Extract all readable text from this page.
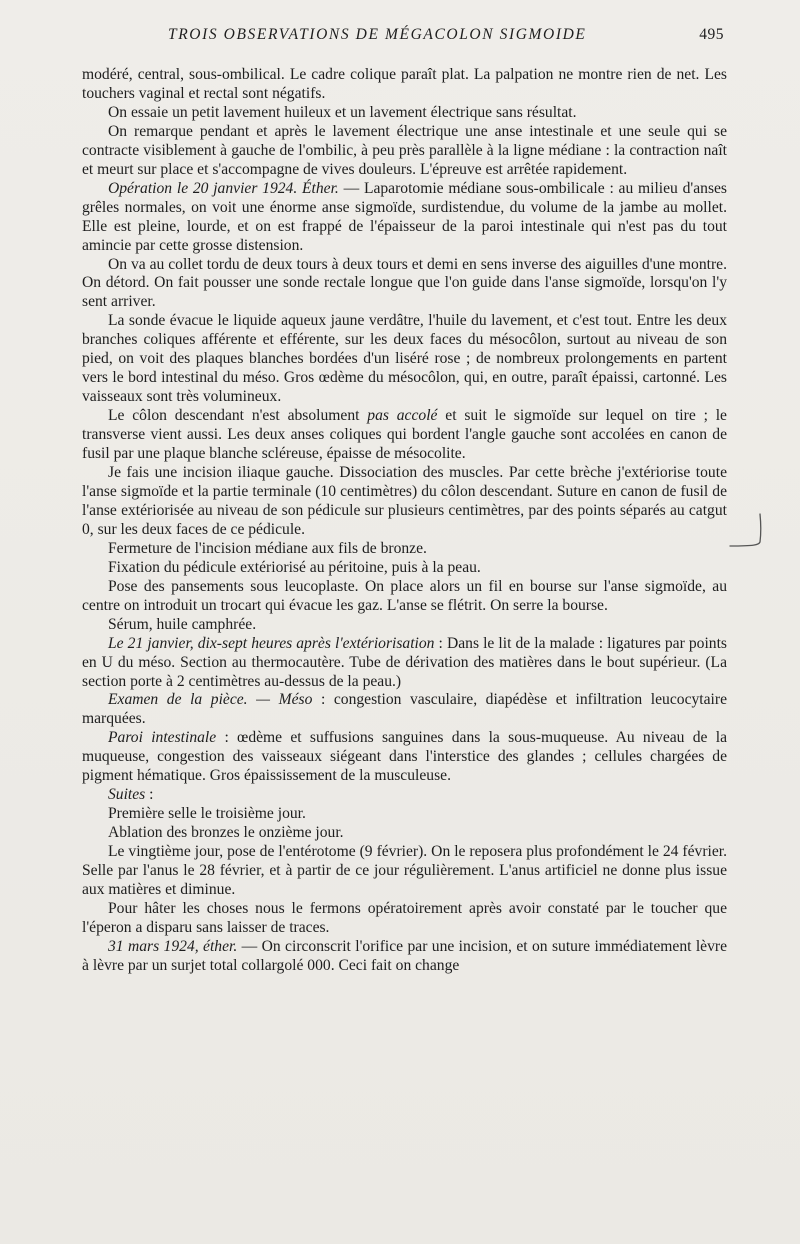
TROIS OBSERVATIONS DE MÉGACOLON SIGMOIDE	495

modéré, central, sous-ombilical. Le cadre colique paraît plat. La palpation ne montre rien de net. Les touchers vaginal et rectal sont négatifs.

On essaie un petit lavement huileux et un lavement électrique sans résultat.

On remarque pendant et après le lavement électrique une anse intestinale et une seule qui se contracte visiblement à gauche de l'ombilic, à peu près parallèle à la ligne médiane : la contraction naît et meurt sur place et s'accompagne de vives douleurs. L'épreuve est arrêtée rapidement.

Opération le 20 janvier 1924. Éther. — Laparotomie médiane sous-ombilicale : au milieu d'anses grêles normales, on voit une énorme anse sigmoïde, surdistendue, du volume de la jambe au mollet. Elle est pleine, lourde, et on est frappé de l'épaisseur de la paroi intestinale qui n'est pas du tout amincie par cette grosse distension.

On va au collet tordu de deux tours à deux tours et demi en sens inverse des aiguilles d'une montre. On détord. On fait pousser une sonde rectale longue que l'on guide dans l'anse sigmoïde, lorsqu'on l'y sent arriver.

La sonde évacue le liquide aqueux jaune verdâtre, l'huile du lavement, et c'est tout. Entre les deux branches coliques afférente et efférente, sur les deux faces du mésocôlon, surtout au niveau de son pied, on voit des plaques blanches bordées d'un liséré rose ; de nombreux prolongements en partent vers le bord intestinal du méso. Gros œdème du mésocôlon, qui, en outre, paraît épaissi, cartonné. Les vaisseaux sont très volumineux.

Le côlon descendant n'est absolument pas accolé et suit le sigmoïde sur lequel on tire ; le transverse vient aussi. Les deux anses coliques qui bordent l'angle gauche sont accolées en canon de fusil par une plaque blanche scléreuse, épaisse de mésocolite.

Je fais une incision iliaque gauche. Dissociation des muscles. Par cette brèche j'extériorise toute l'anse sigmoïde et la partie terminale (10 centimètres) du côlon descendant. Suture en canon de fusil de l'anse extériorisée au niveau de son pédicule sur plusieurs centimètres, par des points séparés au catgut 0, sur les deux faces de ce pédicule.

Fermeture de l'incision médiane aux fils de bronze.

Fixation du pédicule extériorisé au péritoine, puis à la peau.

Pose des pansements sous leucoplaste. On place alors un fil en bourse sur l'anse sigmoïde, au centre on introduit un trocart qui évacue les gaz. L'anse se flétrit. On serre la bourse.

Sérum, huile camphrée.

Le 21 janvier, dix-sept heures après l'extériorisation : Dans le lit de la malade : ligatures par points en U du méso. Section au thermocautère. Tube de dérivation des matières dans le bout supérieur. (La section porte à 2 centimètres au-dessus de la peau.)

Examen de la pièce. — Méso : congestion vasculaire, diapédèse et infiltration leucocytaire marquées.

Paroi intestinale : œdème et suffusions sanguines dans la sous-muqueuse. Au niveau de la muqueuse, congestion des vaisseaux siégeant dans l'interstice des glandes ; cellules chargées de pigment hématique. Gros épaississement de la musculeuse.

Suites :

Première selle le troisième jour.

Ablation des bronzes le onzième jour.

Le vingtième jour, pose de l'entérotome (9 février). On le reposera plus profondément le 24 février. Selle par l'anus le 28 février, et à partir de ce jour régulièrement. L'anus artificiel ne donne plus issue aux matières et diminue.

Pour hâter les choses nous le fermons opératoirement après avoir constaté par le toucher que l'éperon a disparu sans laisser de traces.

31 mars 1924, éther. — On circonscrit l'orifice par une incision, et on suture immédiatement lèvre à lèvre par un surjet total collargolé 000. Ceci fait on change
